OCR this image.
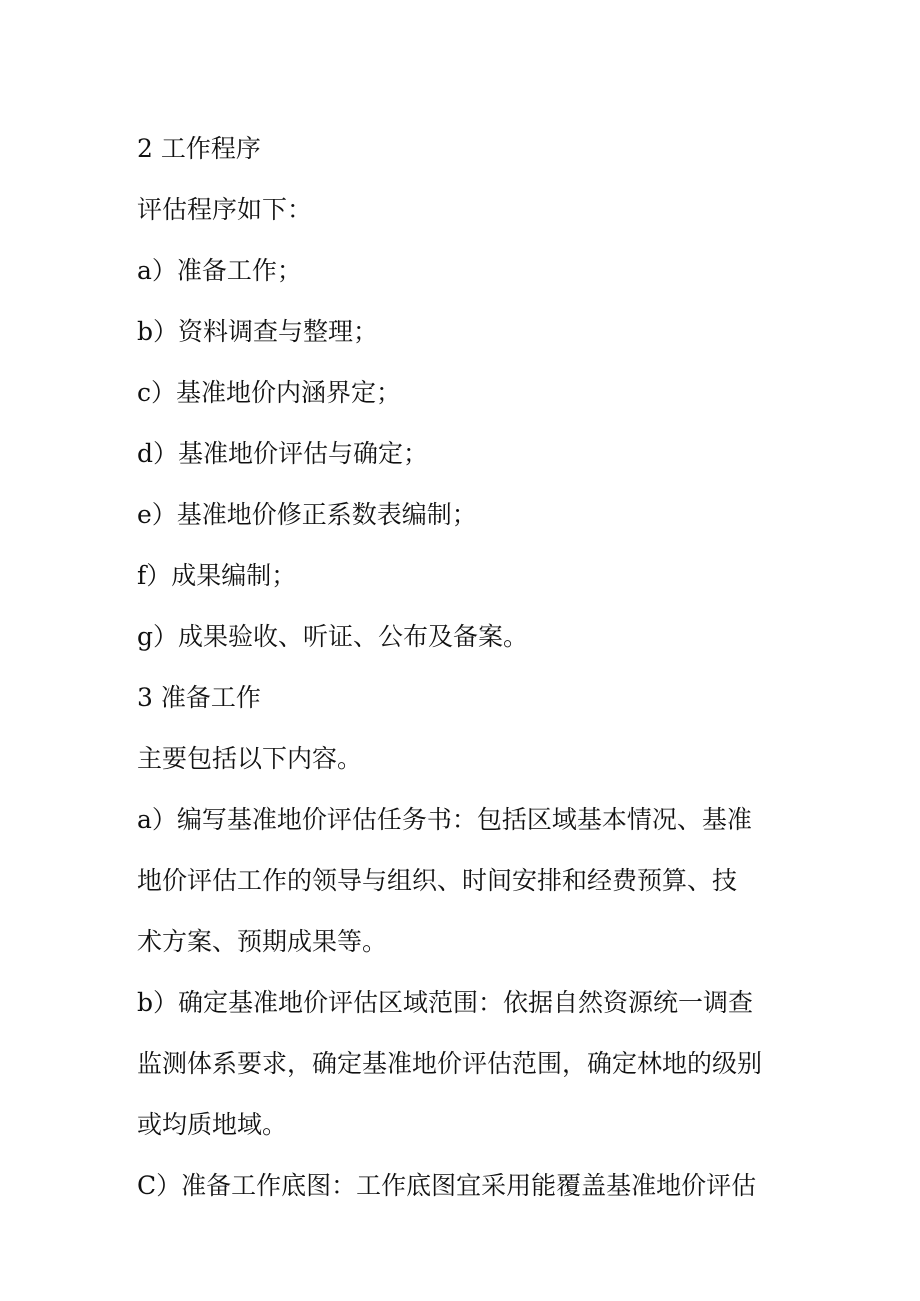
2 工作程序
评估程序如下：
a）准备工作；
b）资料调查与整理；
c）基准地价内涵界定；
d）基准地价评估与确定；
e）基准地价修正系数表编制；
f）成果编制；
g）成果验收、听证、公布及备案。
3 准备工作
主要包括以下内容。
a）编写基准地价评估任务书：包括区域基本情况、基准
地价评估工作的领导与组织、时间安排和经费预算、技
术方案、预期成果等。
b）确定基准地价评估区域范围：依据自然资源统一调查
监测体系要求，确定基准地价评估范围，确定林地的级别
或均质地域。
C）准备工作底图：工作底图宜采用能覆盖基准地价评估
